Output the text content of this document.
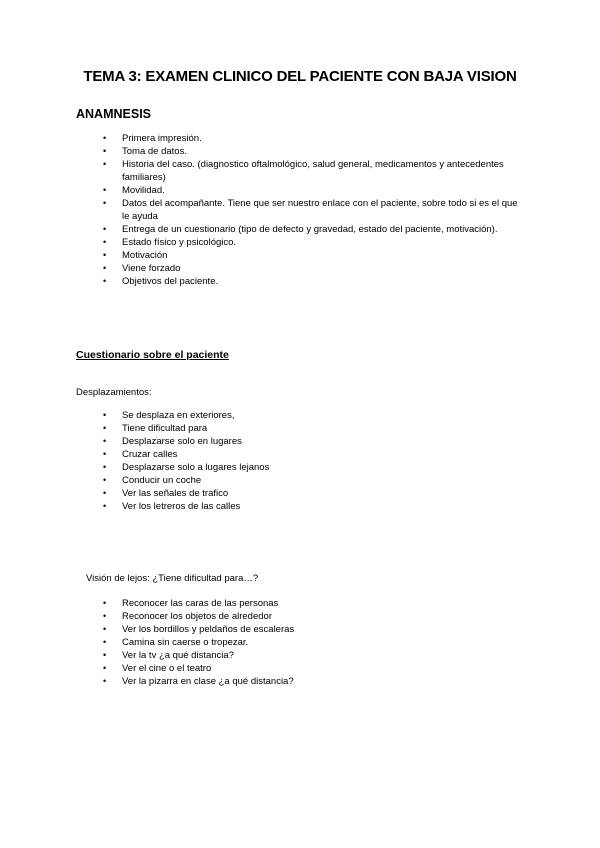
TEMA 3: EXAMEN CLINICO DEL PACIENTE CON BAJA VISION
ANAMNESIS
• Primera impresión.
• Toma de datos.
• Historia del caso. (diagnostico oftalmológico, salud general, medicamentos y antecedentes familiares)
• Movilidad.
• Datos del acompañante. Tiene que ser nuestro enlace con el paciente, sobre todo si es el que le ayuda
• Entrega de un cuestionario (tipo de defecto y gravedad, estado del paciente, motivación).
• Estado físico y psicológico.
• Motivación
• Viene forzado
• Objetivos del paciente.
Cuestionario sobre el paciente

Desplazamientos:

• Se desplaza en exteriores,
• Tiene dificultad para
• Desplazarse solo en lugares
• Cruzar calles
• Desplazarse solo a lugares lejanos
• Conducir un coche
• Ver las señales de trafico
• Ver los letreros de las calles

Visión de lejos: ¿Tiene dificultad para…?

• Reconocer las caras de las personas
• Reconocer los objetos de alrededor
• Ver los bordillos y peldaños de escaleras
• Camina sin caerse o tropezar.
• Ver la tv ¿a qué distancia?
• Ver el cine o el teatro
• Ver la pizarra en clase ¿a qué distancia?
